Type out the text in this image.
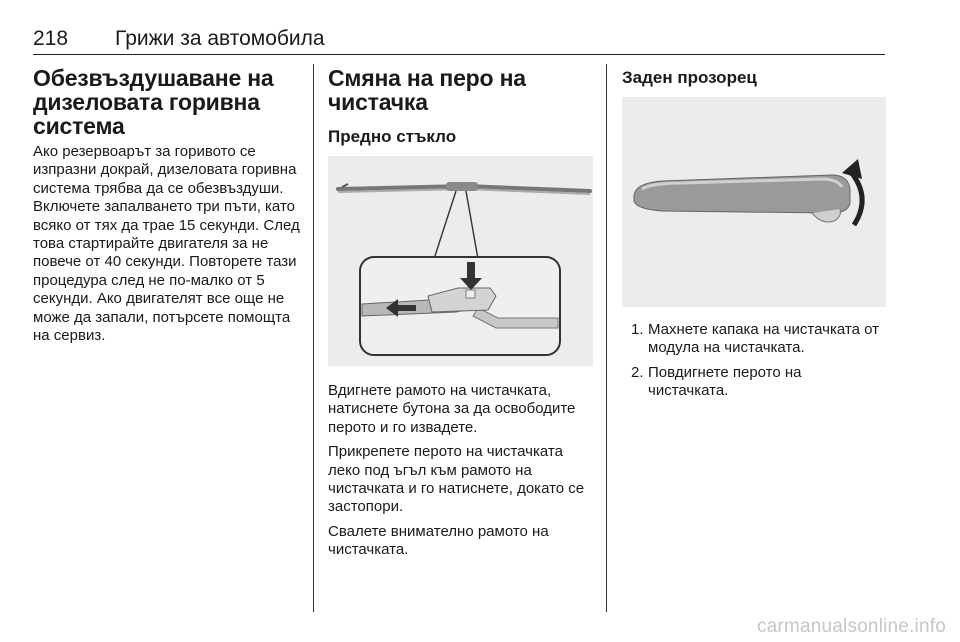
218 Грижи за автомобила
Обезвъздушаване на дизеловата горивна система

Ако резервоарът за горивото се изпразни докрай, дизеловата горивна система трябва да се обезвъздуши. Включете запалването три пъти, като всяко от тях да трае 15 секунди. След това стартирайте двигателя за не повече от 40 секунди. Повторете тази процедура след не по-малко от 5 секунди. Ако двигателят все още не може да запали, потърсете помощта на сервиз.

Смяна на перо на чистачка
Предно стъкло

Вдигнете рамото на чистачката, натиснете бутона за да освободите перото и го извадете.

Прикрепете перото на чистачката леко под ъгъл към рамото на чистачката и го натиснете, докато се застопори.

Свалете внимателно рамото на чистачката.

Заден прозорец
1. Махнете капака на чистачката от модула на чистачката.
2. Повдигнете перото на чистачката.
carmanualsonline.info
